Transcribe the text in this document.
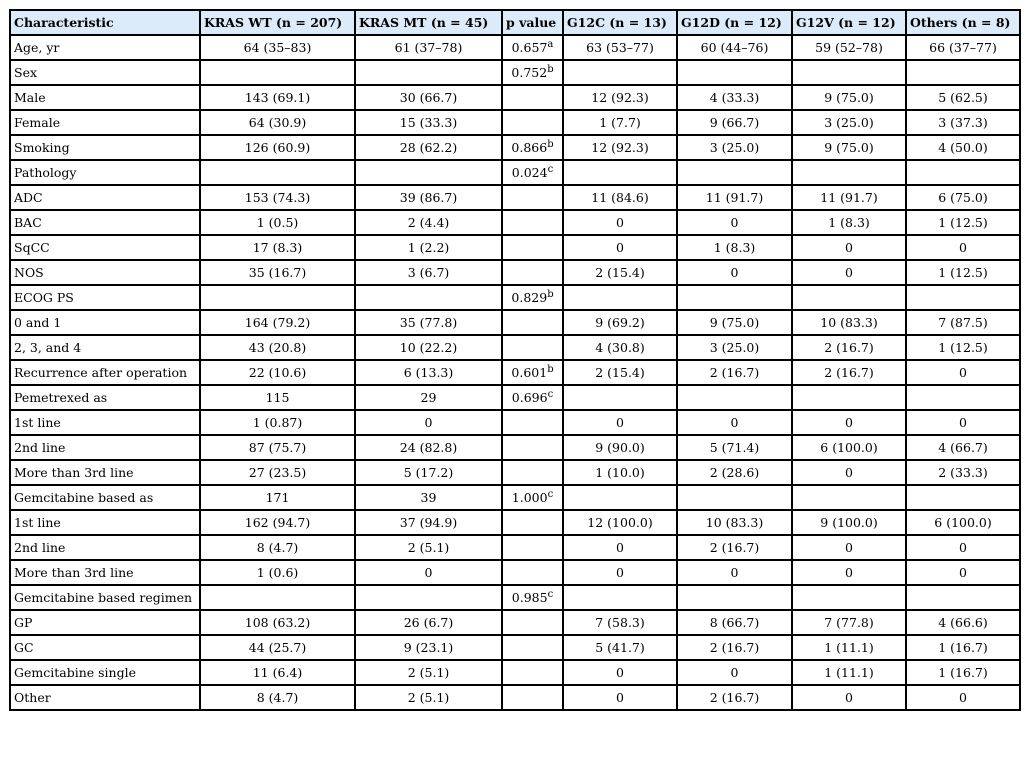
Characteristic	KRAS WT (n = 207)	KRAS MT (n = 45)	p value	G12C (n = 13)	G12D (n = 12)	G12V (n = 12)	Others (n = 8)
Age, yr	64 (35–83)	61 (37–78)	0.657$^a$	63 (53–77)	60 (44–76)	59 (52–78)	66 (37–77)
Sex			0.752$^b$				
Male	143 (69.1)	30 (66.7)		12 (92.3)	4 (33.3)	9 (75.0)	5 (62.5)
Female	64 (30.9)	15 (33.3)		1 (7.7)	9 (66.7)	3 (25.0)	3 (37.3)
Smoking	126 (60.9)	28 (62.2)	0.866$^b$	12 (92.3)	3 (25.0)	9 (75.0)	4 (50.0)
Pathology			0.024$^c$				
ADC	153 (74.3)	39 (86.7)		11 (84.6)	11 (91.7)	11 (91.7)	6 (75.0)
BAC	1 (0.5)	2 (4.4)		0	0	1 (8.3)	1 (12.5)
SqCC	17 (8.3)	1 (2.2)		0	1 (8.3)	0	0
NOS	35 (16.7)	3 (6.7)		2 (15.4)	0	0	1 (12.5)
ECOG PS			0.829$^b$				
0 and 1	164 (79.2)	35 (77.8)		9 (69.2)	9 (75.0)	10 (83.3)	7 (87.5)
2, 3, and 4	43 (20.8)	10 (22.2)		4 (30.8)	3 (25.0)	2 (16.7)	1 (12.5)
Recurrence after operation	22 (10.6)	6 (13.3)	0.601$^b$	2 (15.4)	2 (16.7)	2 (16.7)	0
Pemetrexed as	115	29	0.696$^c$				
1st line	1 (0.87)	0		0	0	0	0
2nd line	87 (75.7)	24 (82.8)		9 (90.0)	5 (71.4)	6 (100.0)	4 (66.7)
More than 3rd line	27 (23.5)	5 (17.2)		1 (10.0)	2 (28.6)	0	2 (33.3)
Gemcitabine based as	171	39	1.000$^c$				
1st line	162 (94.7)	37 (94.9)		12 (100.0)	10 (83.3)	9 (100.0)	6 (100.0)
2nd line	8 (4.7)	2 (5.1)		0	2 (16.7)	0	0
More than 3rd line	1 (0.6)	0		0	0	0	0
Gemcitabine based regimen			0.985$^c$				
GP	108 (63.2)	26 (6.7)		7 (58.3)	8 (66.7)	7 (77.8)	4 (66.6)
GC	44 (25.7)	9 (23.1)		5 (41.7)	2 (16.7)	1 (11.1)	1 (16.7)
Gemcitabine single	11 (6.4)	2 (5.1)		0	0	1 (11.1)	1 (16.7)
Other	8 (4.7)	2 (5.1)		0	2 (16.7)	0	0
